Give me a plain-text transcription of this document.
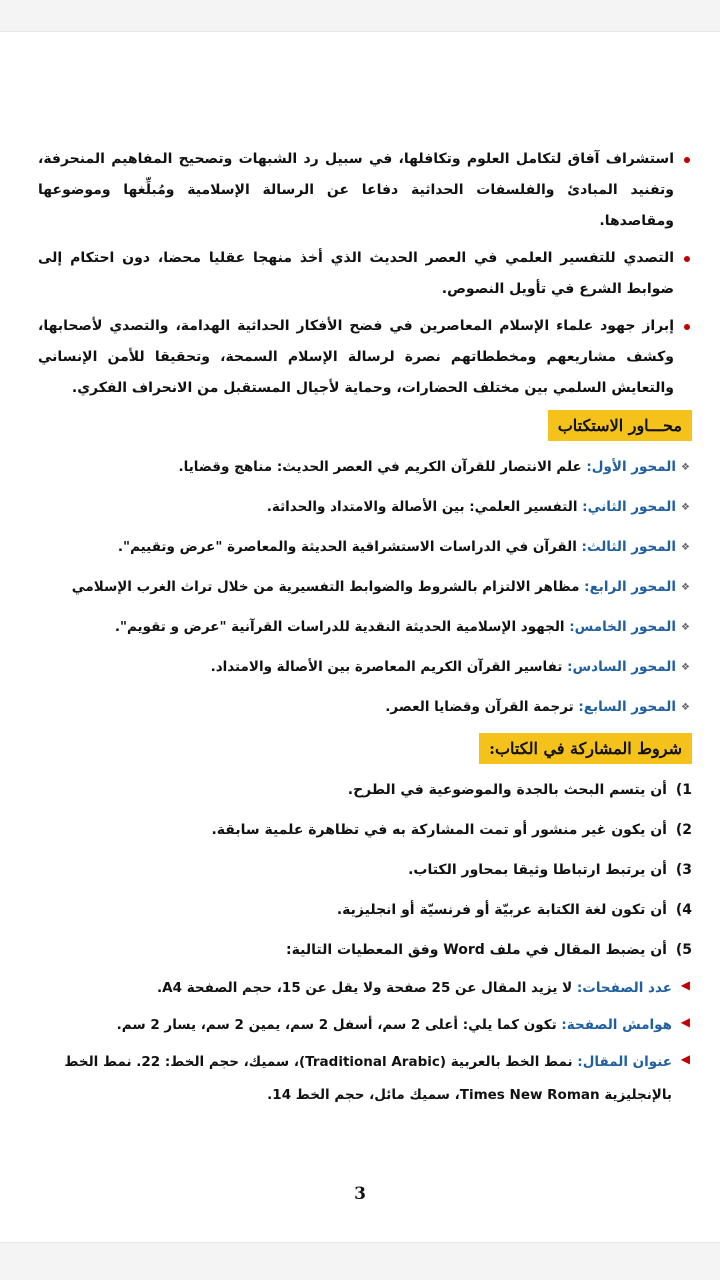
استشراف آفاق لتكامل العلوم وتكافلها، في سبيل رد الشبهات وتصحيح المفاهيم المنحرفة، وتفنيد المبادئ والفلسفات الحداثية دفاعا عن الرسالة الإسلامية ومُبلِّغها وموضوعها ومقاصدها.
التصدي للتفسير العلمي في العصر الحديث الذي أخذ منهجا عقليا محضا، دون احتكام إلى ضوابط الشرع في تأويل النصوص.
إبراز جهود علماء الإسلام المعاصرين في فضح الأفكار الحداثية الهدامة، والتصدي لأصحابها، وكشف مشاريعهم ومخططاتهم نصرة لرسالة الإسلام السمحة، وتحقيقا للأمن الإنساني والتعايش السلمي بين مختلف الحضارات، وحماية لأجيال المستقبل من الانحراف الفكري.
محـــاور الاستكتاب
❖
المحور الأول: علم الانتصار للقرآن الكريم في العصر الحديث: مناهج وقضايا.
❖
المحور الثاني: التفسير العلمي: بين الأصالة والامتداد والحداثة.
❖
المحور الثالث: القرآن في الدراسات الاستشراقية الحديثة والمعاصرة "عرض وتقييم".
❖
المحور الرابع: مظاهر الالتزام بالشروط والضوابط التفسيرية من خلال تراث الغرب الإسلامي
❖
المحور الخامس: الجهود الإسلامية الحديثة النقدية للدراسات القرآنية "عرض و تقويم".
❖
المحور السادس: تفاسير القرآن الكريم المعاصرة بين الأصالة والامتداد.
❖
المحور السابع: ترجمة القرآن وقضايا العصر.
شروط المشاركة في الكتاب:
1) أن يتسم البحث بالجدة والموضوعية في الطرح.
2) أن يكون غير منشور أو تمت المشاركة به في تظاهرة علمية سابقة.
3) أن يرتبط ارتباطا وثيقا بمحاور الكتاب.
4) أن تكون لغة الكتابة عربيّة أو فرنسيّة أو انجليزية.
5) أن يضبط المقال في ملف Word وفق المعطيات التالية:
◀
عدد الصفحات: لا يزيد المقال عن 25 صفحة ولا يقل عن 15، حجم الصفحة A4.
◀
هوامش الصفحة: تكون كما يلي: أعلى 2 سم، أسفل 2 سم، يمين 2 سم، يسار 2 سم.
◀
عنوان المقال: نمط الخط بالعربية (Traditional Arabic)، سميك، حجم الخط: 22. نمط الخط بالإنجليزية Times New Roman، سميك مائل، حجم الخط 14.
3
